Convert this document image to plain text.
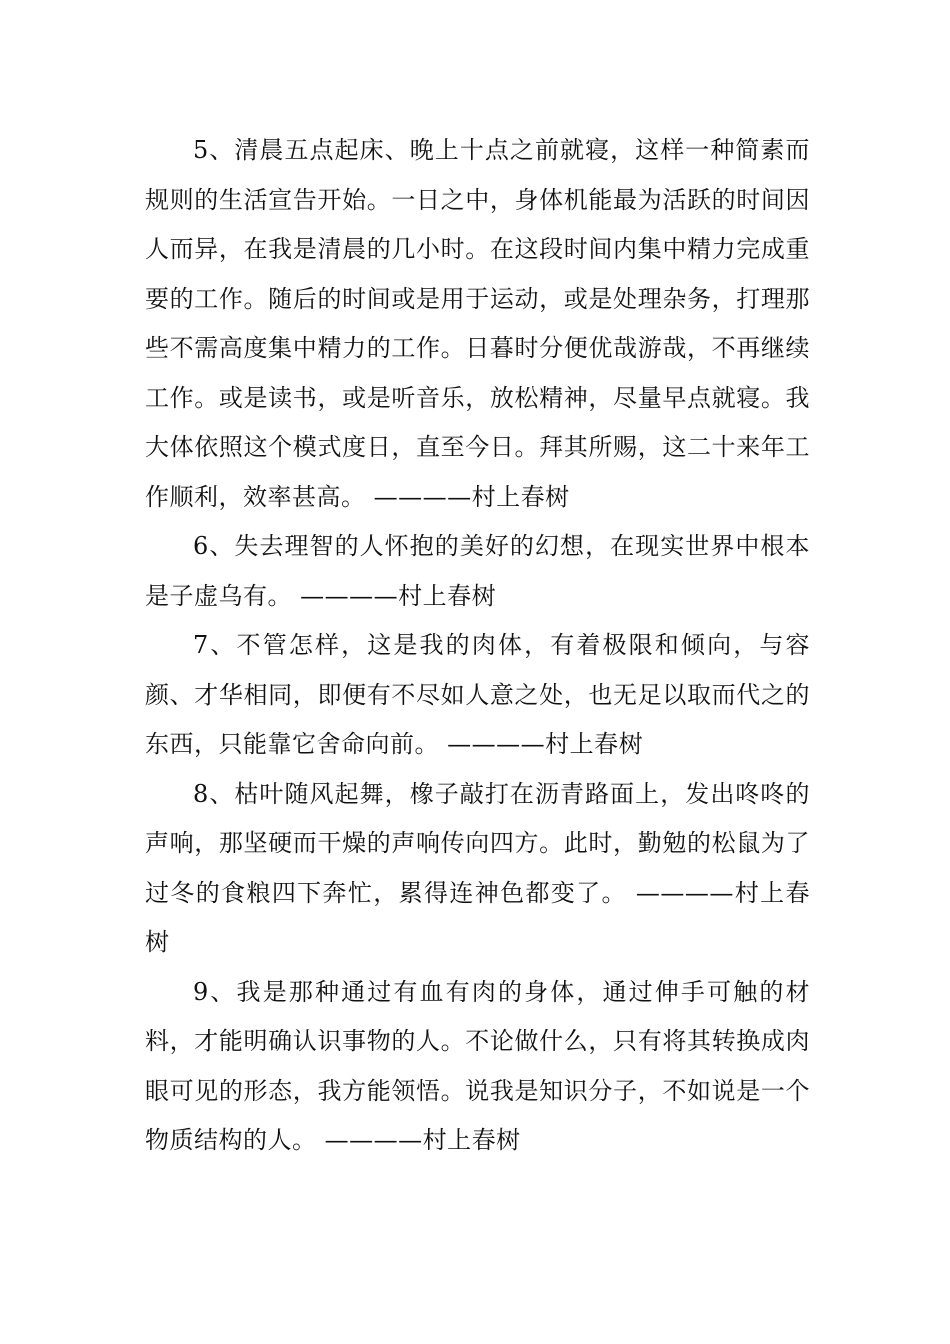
5、清晨五点起床、晚上十点之前就寝，这样一种简素而规则的生活宣告开始。一日之中，身体机能最为活跃的时间因人而异，在我是清晨的几小时。在这段时间内集中精力完成重要的工作。随后的时间或是用于运动，或是处理杂务，打理那些不需高度集中精力的工作。日暮时分便优哉游哉，不再继续工作。或是读书，或是听音乐，放松精神，尽量早点就寝。我大体依照这个模式度日，直至今日。拜其所赐，这二十来年工作顺利，效率甚高。 ————村上春树

6、失去理智的人怀抱的美好的幻想，在现实世界中根本是子虚乌有。 ————村上春树

7、不管怎样，这是我的肉体，有着极限和倾向，与容颜、才华相同，即便有不尽如人意之处，也无足以取而代之的东西，只能靠它舍命向前。 ————村上春树

8、枯叶随风起舞，橡子敲打在沥青路面上，发出咚咚的声响，那坚硬而干燥的声响传向四方。此时，勤勉的松鼠为了过冬的食粮四下奔忙，累得连神色都变了。 ————村上春树

9、我是那种通过有血有肉的身体，通过伸手可触的材料，才能明确认识事物的人。不论做什么，只有将其转换成肉眼可见的形态，我方能领悟。说我是知识分子，不如说是一个物质结构的人。 ————村上春树
